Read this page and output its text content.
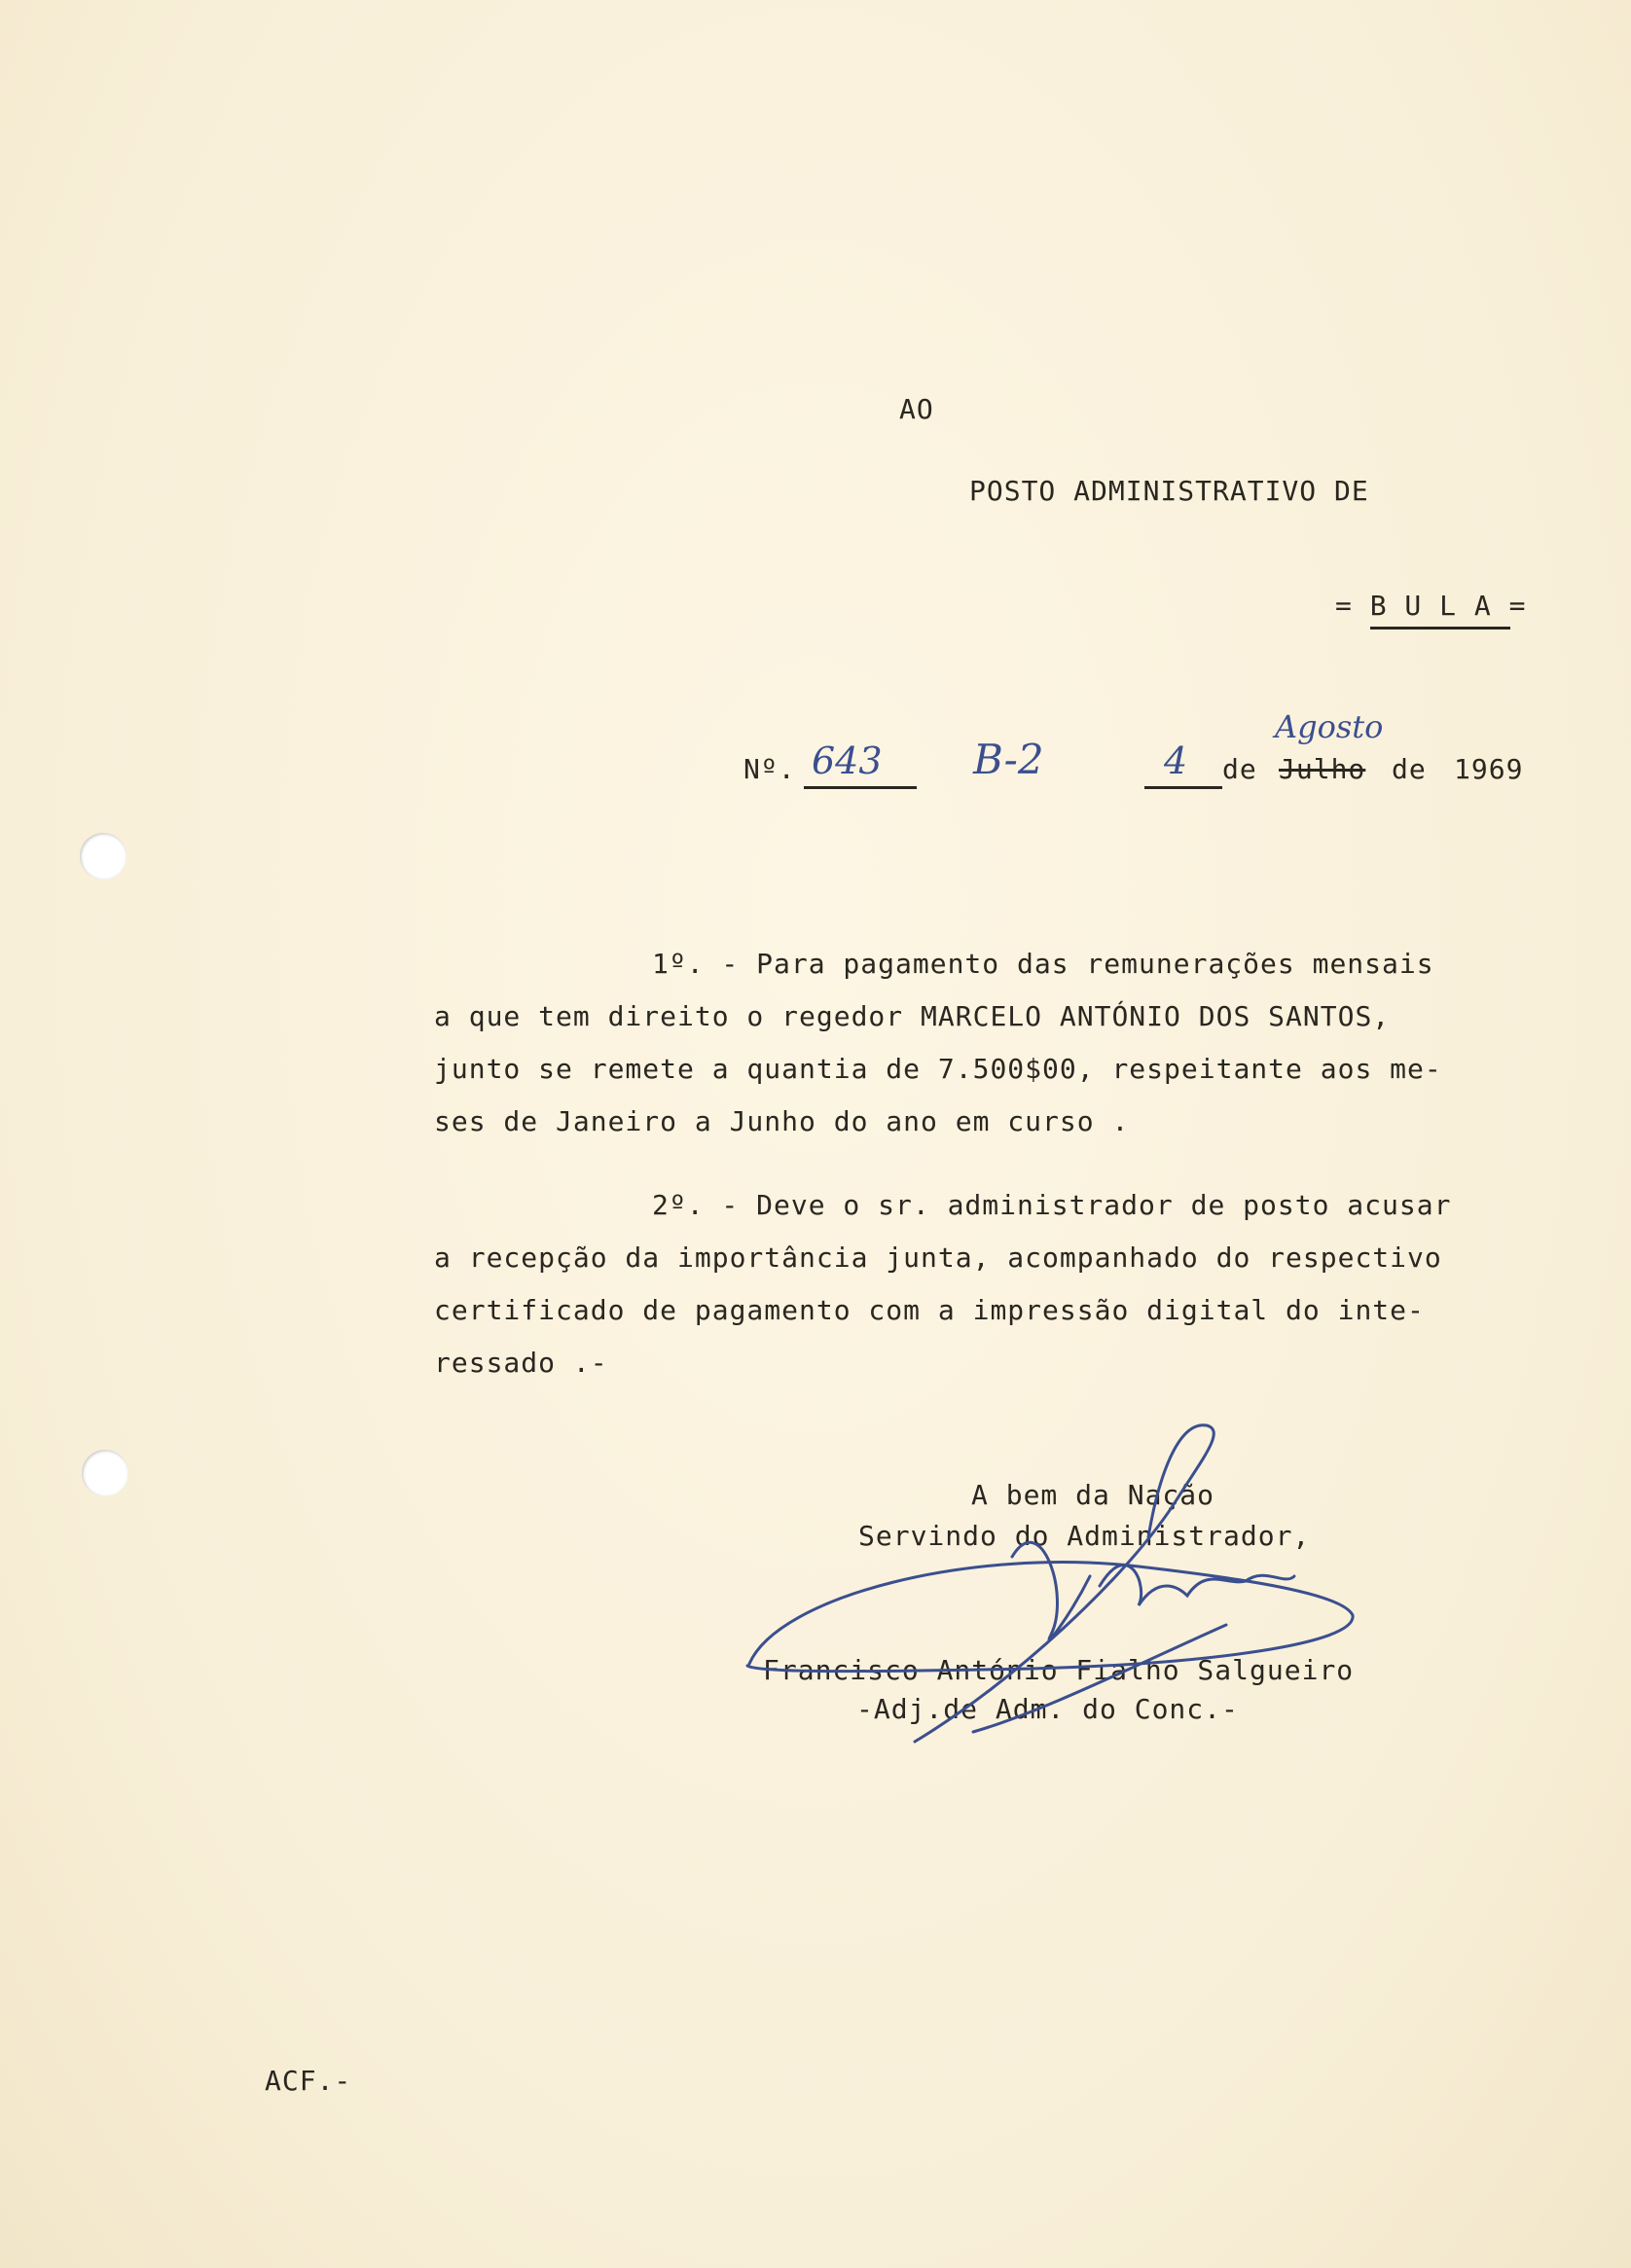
AO
POSTO ADMINISTRATIVO DE
= B U L A =
Nº. 643 B-2	4 de
Agosto
Julho de 1969

1º. - Para pagamento das remunerações mensais

a que tem direito o regedor MARCELO ANTÓNIO DOS SANTOS,

junto se remete a quantia de 7.500$00, respeitante aos me-

ses de Janeiro a Junho do ano em curso .

2º. - Deve o sr. administrador de posto acusar

a recepção da importância junta, acompanhado do respectivo

certificado de pagamento com a impressão digital do inte-

ressado .-

A bem da Nação
Servindo do Administrador,
Francisco António Fialho Salgueiro
-Adj.de Adm. do Conc.-
ACF.-
